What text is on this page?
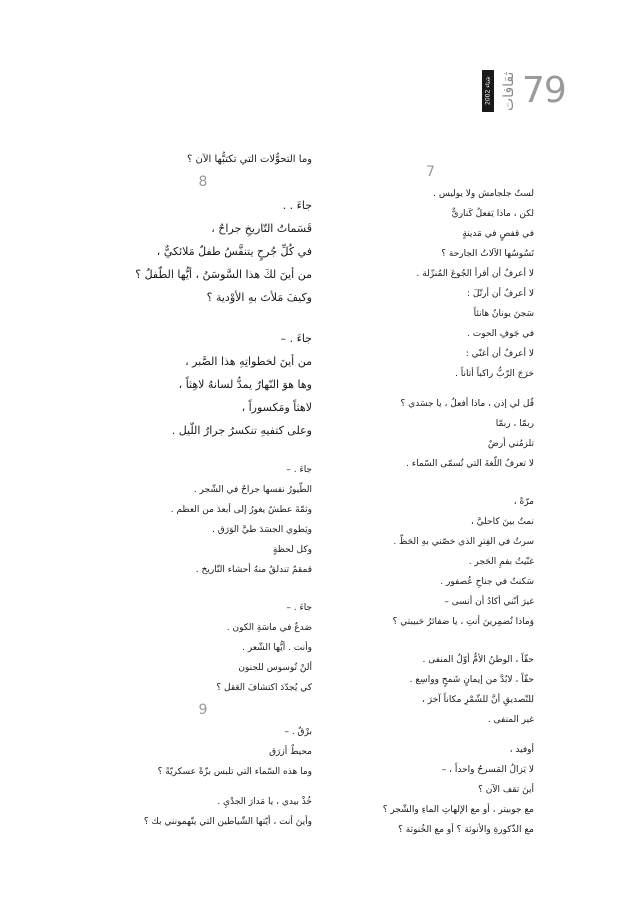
شتاء 2002 ثقافات 79
وما التحوُّلات التي تكتبُّها الآن ؟
8
جاءَ . .
قَسَماتُ التّاريخِ جراحٌ ،
في كُلِّ جُرحٍ يتنفَّسُ طفلٌ مَلائكيٌّ ،
من أينَ لكَ هذا السَّوسَنُ ، أيُّها الطّفلُ ؟
وكيفَ مَلأتَ بهِ الأوْدية ؟
جاءَ . –
من أينَ لخطواتِهِ هذا الصَّبر ،
وها هوَ النّهارُ يمدُّ لسانهُ لاهِثاً ،
لاهثاً ومَكسوراً ،
وعلى كتفيهِ تنكسرُ جرارُ اللّيل .
جاءَ . –
الطّيورُ نفسها جراحٌ في الشّجر .
وثمّةَ عطشٌ يغورُ إلى أبعدَ من العظم .
ويَطوي الجسَدَ طيَّ الوَرَق .
وكل لحظةٍ
قمقمٌ تندلقُ منهُ أحشاء التّاريخ .
جاءَ . –
صَدعٌ في ماسَةِ الكون .
وأنت . أيُّها الشّعر .
ألنْ تُوسوس للجنون
كي يُجدّدَ اكتشافَ العَقل ؟
9
برْقٌ . –
محيطٌ أزرَق
وما هذه السّماء التي تلبس بزّةً عسكريّةً ؟
خُذْ بيدي ، يا مَدارَ الجدْيِ .
وأينَ أنت ، أيّتها الشّياطين التي يتّهمونني بك ؟
7
لستُ جلجامش ولا يوليس .
لكن ، ماذا يَفعلُ كَناريٌّ
في قفصٍ في مَدينةٍ
تَسُوسُها الآلاتُ الجارحة ؟
لا أعرفُ أن أقرأ الجُوعَ المُنزّلة .
لا أعرفُ أن أرتّلَ :
سَجنَ يونانُ هانئاً
في جَوفِ الحوت .
لا أعرفُ أن أغنّي :
خرَجَ الرّبُّ راكباً أتاناً .
قُل لي إذن ، ماذا أفعلُ ، يا جسَدي ؟
ربمّا ، ربمّا
تلزمُني أرضٌ
لا تعرفُ اللّغةَ التي تُسمّى السّماء .
مرّةً ،
نمتُ بينَ كاحليَّ ،
سرتُ في الفِترِ الذي خصّني بهِ الحَظّ .
غنّيتُ بفمِ الحَجر .
سَكنتُ في جناحِ عُصفور .
غيرَ أنّني أكادُ أن أنسى –
وَماذا تُضمِرينَ أنتِ ، يا ضفائرُ حَبيبتي ؟
حقّاً ، الوطنُ الأمُّ أوّلُ المنفى .
حقّاً ، لابُدَّ من إيمانٍ شَمحٍ وواسِع .
للتّصديقِ أنَّ للشّمْرِ مكاناً آخرَ ،
غير المنفى .
أوفيد ،
لا يَزالُ المَسرحُ واحداً ، –
أينَ تقف الآن ؟
مع جوبيتر ، أو مع الإلهاتِ الماءِ والشّجر ؟
مع الذّكورةِ والأنوثة ؟ أو مع الخُنوثة ؟
